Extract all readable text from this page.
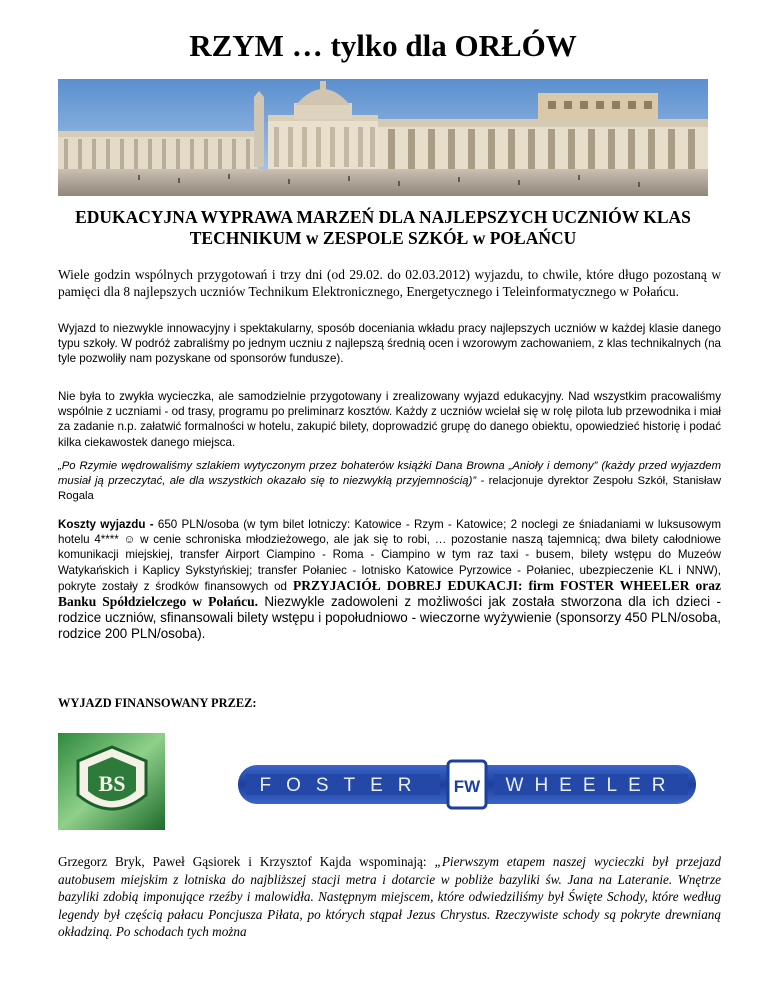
RZYM … tylko dla ORŁÓW
EDUKACYJNA WYPRAWA MARZEŃ DLA NAJLEPSZYCH UCZNIÓW KLAS TECHNIKUM w ZESPOLE SZKÓŁ w POŁAŃCU

Wiele godzin wspólnych przygotowań i trzy dni (od 29.02. do 02.03.2012) wyjazdu, to chwile, które długo pozostaną w pamięci dla 8 najlepszych uczniów Technikum Elektronicznego, Energetycznego i Teleinformatycznego w Połańcu.

Wyjazd to niezwykle innowacyjny i spektakularny, sposób doceniania wkładu pracy najlepszych uczniów w każdej klasie danego typu szkoły. W podróż zabraliśmy po jednym uczniu z najlepszą średnią ocen i wzorowym zachowaniem, z klas technikalnych (na tyle pozwoliły nam pozyskane od sponsorów fundusze).

Nie była to zwykła wycieczka, ale samodzielnie przygotowany i zrealizowany wyjazd edukacyjny. Nad wszystkim pracowaliśmy wspólnie z uczniami - od trasy, programu po preliminarz kosztów. Każdy z uczniów wcielał się w rolę pilota lub przewodnika i miał za zadanie n.p. załatwić formalności w hotelu, zakupić bilety, doprowadzić grupę do danego obiektu, opowiedzieć historię i podać kilka ciekawostek danego miejsca.

„Po Rzymie wędrowaliśmy szlakiem wytyczonym przez bohaterów książki Dana Browna „Anioły i demony” (każdy przed wyjazdem musiał ją przeczytać, ale dla wszystkich okazało się to niezwykłą przyjemnością)” - relacjonuje dyrektor Zespołu Szkół, Stanisław Rogala

Koszty wyjazdu - 650 PLN/osoba (w tym bilet lotniczy: Katowice - Rzym - Katowice; 2 noclegi ze śniadaniami w luksusowym hotelu 4**** ☺ w cenie schroniska młodzieżowego, ale jak się to robi, … pozostanie naszą tajemnicą; dwa bilety całodniowe komunikacji miejskiej, transfer Airport Ciampino - Roma - Ciampino w tym raz taxi - busem, bilety wstępu do Muzeów Watykańskich i Kaplicy Sykstyńskiej; transfer Połaniec - lotnisko Katowice Pyrzowice - Połaniec, ubezpieczenie KL i NNW), pokryte zostały z środków finansowych od PRZYJACIÓŁ DOBREJ EDUKACJI: firm FOSTER WHEELER oraz Banku Spółdzielczego w Połańcu. Niezwykle zadowoleni z możliwości jak została stworzona dla ich dzieci - rodzice uczniów, sfinansowali bilety wstępu i popołudniowo - wieczorne wyżywienie (sponsorzy 450 PLN/osoba, rodzice 200 PLN/osoba).

WYJAZD FINANSOWANY PRZEZ:
BS	FOSTER	WHEELER
FW

Grzegorz Bryk, Paweł Gąsiorek i Krzysztof Kajda wspominają: „Pierwszym etapem naszej wycieczki był przejazd autobusem miejskim z lotniska do najbliższej stacji metra i dotarcie w pobliże bazyliki św. Jana na Lateranie. Wnętrze bazyliki zdobią imponujące rzeźby i malowidła. Następnym miejscem, które odwiedziliśmy był Święte Schody, które według legendy był częścią pałacu Poncjusza Piłata, po których stąpał Jezus Chrystus. Rzeczywiste schody są pokryte drewnianą okładziną. Po schodach tych można
